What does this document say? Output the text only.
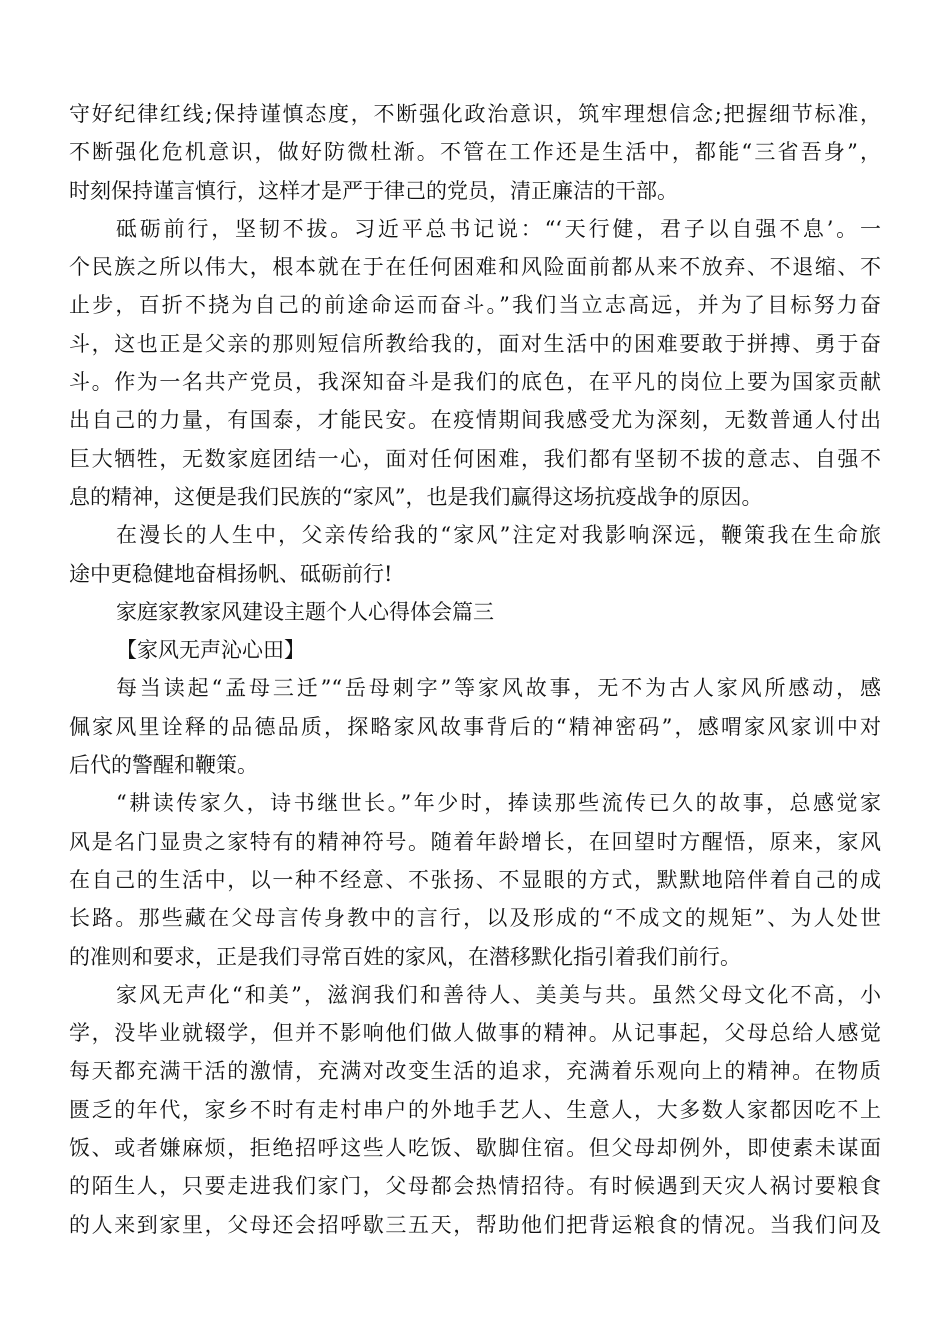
守好纪律红线;保持谨慎态度，不断强化政治意识，筑牢理想信念;把握细节标准，
不断强化危机意识，做好防微杜渐。不管在工作还是生活中，都能“三省吾身”，
时刻保持谨言慎行，这样才是严于律己的党员，清正廉洁的干部。
砥砺前行，坚韧不拔。习近平总书记说：“‘天行健，君子以自强不息’。一
个民族之所以伟大，根本就在于在任何困难和风险面前都从来不放弃、不退缩、不
止步，百折不挠为自己的前途命运而奋斗。”我们当立志高远，并为了目标努力奋
斗，这也正是父亲的那则短信所教给我的，面对生活中的困难要敢于拼搏、勇于奋
斗。作为一名共产党员，我深知奋斗是我们的底色，在平凡的岗位上要为国家贡献
出自己的力量，有国泰，才能民安。在疫情期间我感受尤为深刻，无数普通人付出
巨大牺牲，无数家庭团结一心，面对任何困难，我们都有坚韧不拔的意志、自强不
息的精神，这便是我们民族的“家风”，也是我们赢得这场抗疫战争的原因。
在漫长的人生中，父亲传给我的“家风”注定对我影响深远，鞭策我在生命旅
途中更稳健地奋楫扬帆、砥砺前行!
家庭家教家风建设主题个人心得体会篇三
【家风无声沁心田】
每当读起“孟母三迁”“岳母刺字”等家风故事，无不为古人家风所感动，感
佩家风里诠释的品德品质，探略家风故事背后的“精神密码”，感喟家风家训中对
后代的警醒和鞭策。
“耕读传家久，诗书继世长。”年少时，捧读那些流传已久的故事，总感觉家
风是名门显贵之家特有的精神符号。随着年龄增长，在回望时方醒悟，原来，家风
在自己的生活中，以一种不经意、不张扬、不显眼的方式，默默地陪伴着自己的成
长路。那些藏在父母言传身教中的言行，以及形成的“不成文的规矩”、为人处世
的准则和要求，正是我们寻常百姓的家风，在潜移默化指引着我们前行。
家风无声化“和美”，滋润我们和善待人、美美与共。虽然父母文化不高，小
学，没毕业就辍学，但并不影响他们做人做事的精神。从记事起，父母总给人感觉
每天都充满干活的激情，充满对改变生活的追求，充满着乐观向上的精神。在物质
匮乏的年代，家乡不时有走村串户的外地手艺人、生意人，大多数人家都因吃不上
饭、或者嫌麻烦，拒绝招呼这些人吃饭、歇脚住宿。但父母却例外，即使素未谋面
的陌生人，只要走进我们家门，父母都会热情招待。有时候遇到天灾人祸讨要粮食
的人来到家里，父母还会招呼歇三五天，帮助他们把背运粮食的情况。当我们问及
